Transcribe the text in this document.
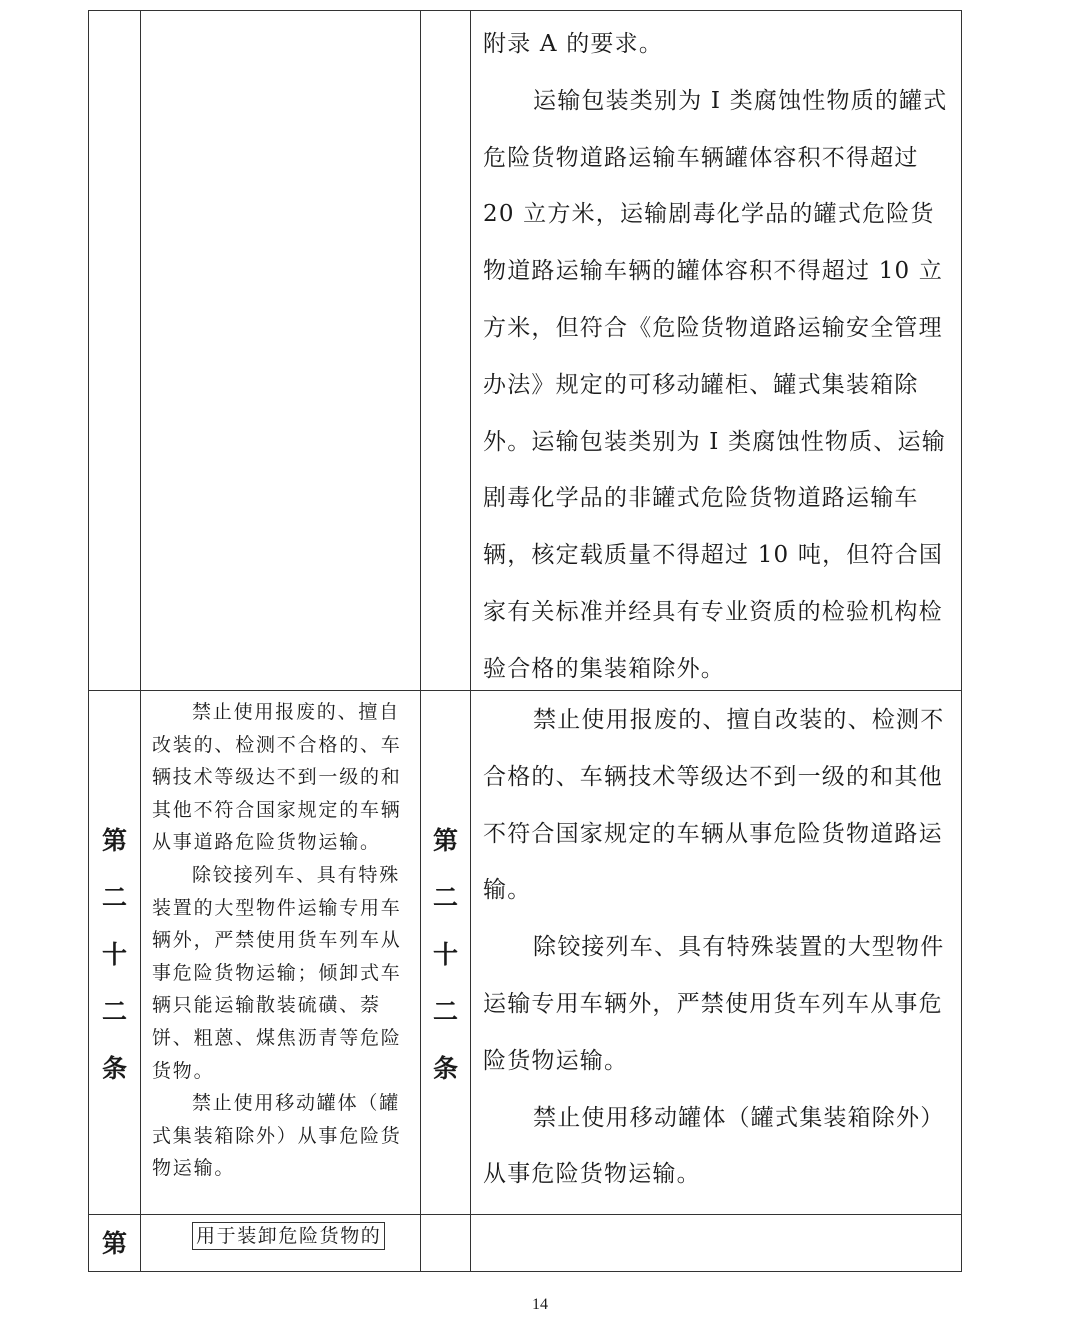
附录 A 的要求。

运输包装类别为 I 类腐蚀性物质的罐式危险货物道路运输车辆罐体容积不得超过 20 立方米，运输剧毒化学品的罐式危险货物道路运输车辆的罐体容积不得超过 10 立方米，但符合《危险货物道路运输安全管理办法》规定的可移动罐柜、罐式集装箱除外。运输包装类别为 I 类腐蚀性物质、运输剧毒化学品的非罐式危险货物道路运输车辆，核定载质量不得超过 10 吨，但符合国家有关标准并经具有专业资质的检验机构检验合格的集装箱除外。

第
二
十
二
条

禁止使用报废的、擅自改装的、检测不合格的、车辆技术等级达不到一级的和其他不符合国家规定的车辆从事道路危险货物运输。

除铰接列车、具有特殊装置的大型物件运输专用车辆外，严禁使用货车列车从事危险货物运输；倾卸式车辆只能运输散装硫磺、萘饼、粗蒽、煤焦沥青等危险货物。

禁止使用移动罐体（罐式集装箱除外）从事危险货物运输。

第
二
十
二
条

禁止使用报废的、擅自改装的、检测不合格的、车辆技术等级达不到一级的和其他不符合国家规定的车辆从事危险货物道路运输。

除铰接列车、具有特殊装置的大型物件运输专用车辆外，严禁使用货车列车从事危险货物运输。

禁止使用移动罐体（罐式集装箱除外）从事危险货物运输。

第	用于装卸危险货物的
14
